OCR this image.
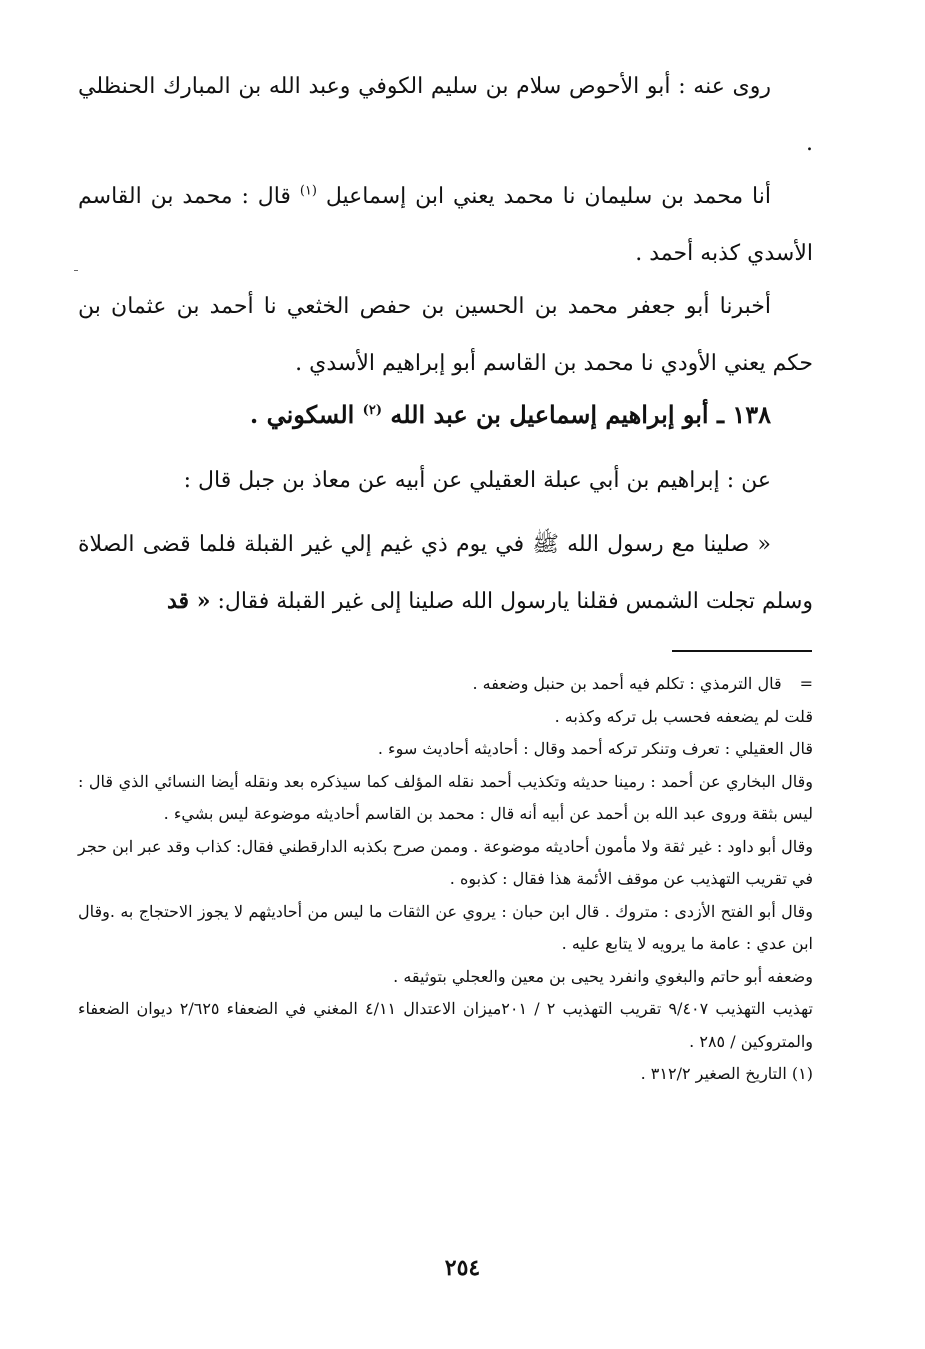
روى عنه : أبو الأحوص سلام بن سليم الكوفي وعبد الله بن المبارك الحنظلي .

أنا محمد بن سليمان نا محمد يعني ابن إسماعيل $^{(١)}$ قال : محمد بن القاسم الأسدي كذبه أحمد .

أخبرنا أبو جعفر محمد بن الحسين بن حفص الخثعي نا أحمد بن عثمان بن حكم يعني الأودي نا محمد بن القاسم أبو إبراهيم الأسدي .

١٣٨ ـ أبو إبراهيم إسماعيل بن عبد الله $^{(٢)}$ السكوني .

عن : إبراهيم بن أبي عبلة العقيلي عن أبيه عن معاذ بن جبل قال :

« صلينا مع رسول الله ﷺ في يوم ذي غيم إلي غير القبلة فلما قضى الصلاة وسلم تجلت الشمس فقلنا يارسول الله صلينا إلى غير القبلة فقال: « قد

=قال الترمذي : تكلم فيه أحمد بن حنبل وضعفه .

قلت لم يضعفه فحسب بل تركه وكذبه .

قال العقيلي : تعرف وتنكر تركه أحمد وقال : أحاديثه أحاديث سوء .

وقال البخاري عن أحمد : رمينا حديثه وتكذيب أحمد نقله المؤلف كما سيذكره بعد ونقله أيضا النسائي الذي قال : ليس بثقة وروى عبد الله بن أحمد عن أبيه أنه قال : محمد بن القاسم أحاديثه موضوعة ليس بشيء .

وقال أبو داود : غير ثقة ولا مأمون أحاديثه موضوعة . وممن صرح بكذبه الدارقطني فقال: كذاب وقد عبر ابن حجر في تقريب التهذيب عن موقف الأئمة هذا فقال : كذبوه .

وقال أبو الفتح الأزدى : متروك . قال ابن حبان : يروي عن الثقات ما ليس من أحاديثهم لا يجوز الاحتجاج به .وقال ابن عدي : عامة ما يرويه لا يتابع عليه .

وضعفه أبو حاتم والبغوي وانفرد يحيى بن معين والعجلي بتوثيقه .

تهذيب التهذيب ٩/٤٠٧ تقريب التهذيب ٢ / ٢٠١ميزان الاعتدال ٤/١١ المغني في الضعفاء ٢/٦٢٥ ديوان الضعفاء والمتروكين / ٢٨٥ .

(١) التاريخ الصغير ٣١٢/٢ .

٢٥٤
